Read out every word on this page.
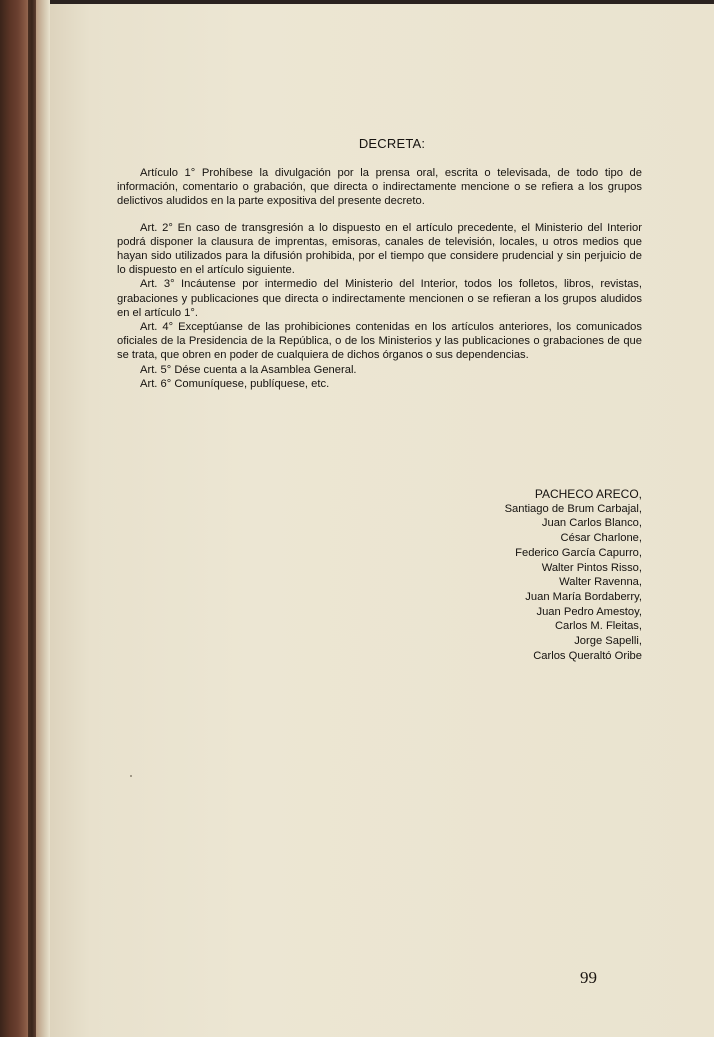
DECRETA:

Artículo 1° Prohíbese la divulgación por la prensa oral, escrita o televisada, de todo tipo de información, comentario o grabación, que directa o indirectamente mencione o se refiera a los grupos delictivos aludidos en la parte expositiva del presente decreto.

Art. 2° En caso de transgresión a lo dispuesto en el artículo precedente, el Ministerio del Interior podrá disponer la clausura de imprentas, emisoras, canales de televisión, locales, u otros medios que hayan sido utilizados para la difusión prohibida, por el tiempo que considere prudencial y sin perjuicio de lo dispuesto en el artículo siguiente.

Art. 3° Incáutense por intermedio del Ministerio del Interior, todos los folletos, libros, revistas, grabaciones y publicaciones que directa o indirectamente mencionen o se refieran a los grupos aludidos en el artículo 1°.

Art. 4° Exceptúanse de las prohibiciones contenidas en los artículos anteriores, los comunicados oficiales de la Presidencia de la República, o de los Ministerios y las publicaciones o grabaciones de que se trata, que obren en poder de cualquiera de dichos órganos o sus dependencias.

Art. 5° Dése cuenta a la Asamblea General.

Art. 6° Comuníquese, publíquese, etc.

PACHECO ARECO,
Santiago de Brum Carbajal,
Juan Carlos Blanco,
César Charlone,
Federico García Capurro,
Walter Pintos Risso,
Walter Ravenna,
Juan María Bordaberry,
Juan Pedro Amestoy,
Carlos M. Fleitas,
Jorge Sapelli,
Carlos Queraltó Oribe
99
